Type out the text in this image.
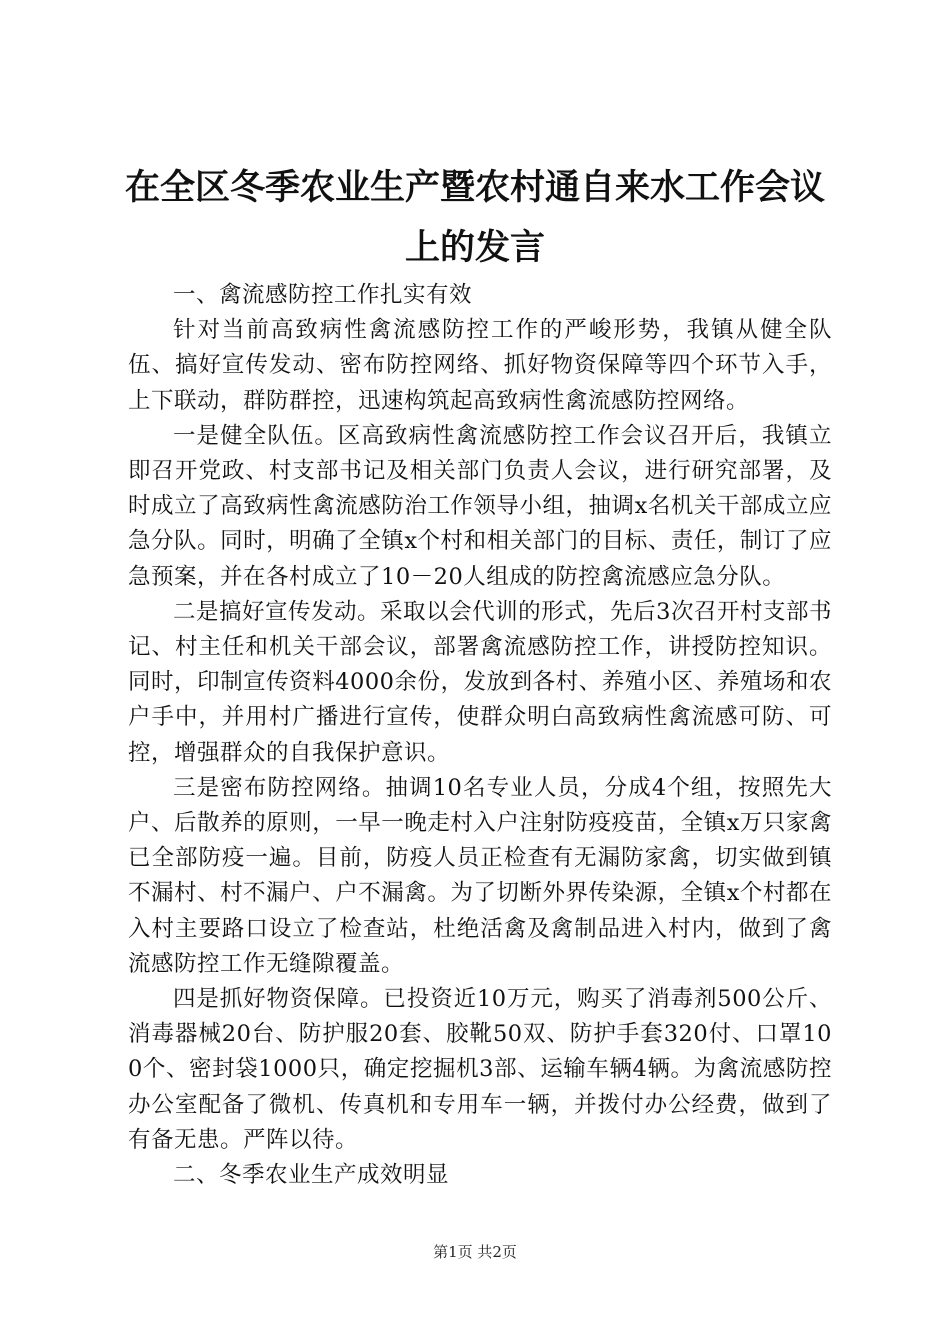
在全区冬季农业生产暨农村通自来水工作会议上的发言

一、禽流感防控工作扎实有效

针对当前高致病性禽流感防控工作的严峻形势，我镇从健全队伍、搞好宣传发动、密布防控网络、抓好物资保障等四个环节入手，上下联动，群防群控，迅速构筑起高致病性禽流感防控网络。

一是健全队伍。区高致病性禽流感防控工作会议召开后，我镇立即召开党政、村支部书记及相关部门负责人会议，进行研究部署，及时成立了高致病性禽流感防治工作领导小组，抽调x名机关干部成立应急分队。同时，明确了全镇x个村和相关部门的目标、责任，制订了应急预案，并在各村成立了10－20人组成的防控禽流感应急分队。

二是搞好宣传发动。采取以会代训的形式，先后3次召开村支部书记、村主任和机关干部会议，部署禽流感防控工作，讲授防控知识。同时，印制宣传资料4000余份，发放到各村、养殖小区、养殖场和农户手中，并用村广播进行宣传，使群众明白高致病性禽流感可防、可控，增强群众的自我保护意识。

三是密布防控网络。抽调10名专业人员，分成4个组，按照先大户、后散养的原则，一早一晚走村入户注射防疫疫苗，全镇x万只家禽已全部防疫一遍。目前，防疫人员正检查有无漏防家禽，切实做到镇不漏村、村不漏户、户不漏禽。为了切断外界传染源，全镇x个村都在入村主要路口设立了检查站，杜绝活禽及禽制品进入村内，做到了禽流感防控工作无缝隙覆盖。

四是抓好物资保障。已投资近10万元，购买了消毒剂500公斤、消毒器械20台、防护服20套、胶靴50双、防护手套320付、口罩100个、密封袋1000只，确定挖掘机3部、运输车辆4辆。为禽流感防控办公室配备了微机、传真机和专用车一辆，并拨付办公经费，做到了有备无患。严阵以待。

二、冬季农业生产成效明显

第1页 共2页
